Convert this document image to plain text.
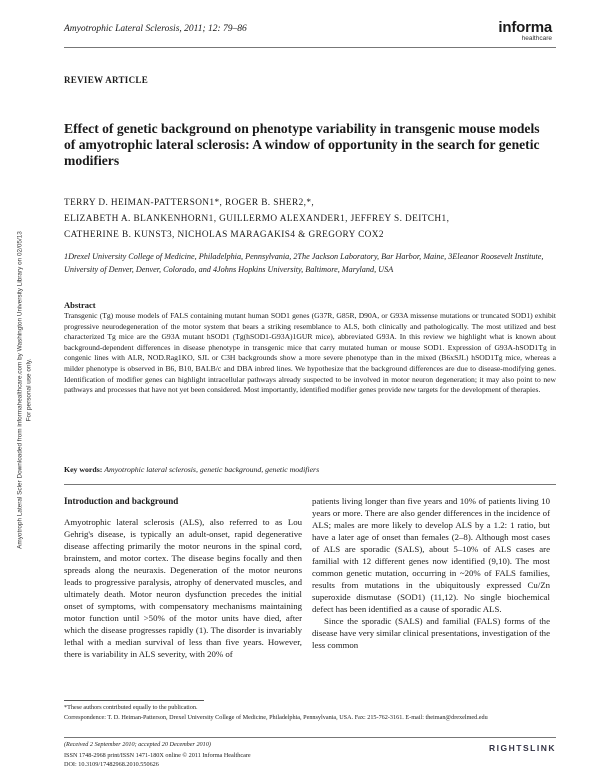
Amyotrophic Lateral Sclerosis, 2011; 12: 79–86	informa
healthcare
REVIEW ARTICLE
Effect of genetic background on phenotype variability in transgenic mouse models of amyotrophic lateral sclerosis: A window of opportunity in the search for genetic modifiers
TERRY D. HEIMAN-PATTERSON1*, ROGER B. SHER2,*,
ELIZABETH A. BLANKENHORN1, GUILLERMO ALEXANDER1, JEFFREY S. DEITCH1,
CATHERINE B. KUNST3, NICHOLAS MARAGAKIS4 & GREGORY COX2
1Drexel University College of Medicine, Philadelphia, Pennsylvania, 2The Jackson Laboratory, Bar Harbor, Maine, 3Eleanor Roosevelt Institute, University of Denver, Denver, Colorado, and 4Johns Hopkins University, Baltimore, Maryland, USA
Abstract

Transgenic (Tg) mouse models of FALS containing mutant human SOD1 genes (G37R, G85R, D90A, or G93A missense mutations or truncated SOD1) exhibit progressive neurodegeneration of the motor system that bears a striking resemblance to ALS, both clinically and pathologically. The most utilized and best characterized Tg mice are the G93A mutant hSOD1 (Tg(hSOD1-G93A)1GUR mice), abbreviated G93A. In this review we highlight what is known about background-dependent differences in disease phenotype in transgenic mice that carry mutated human or mouse SOD1. Expression of G93A-hSOD1Tg in congenic lines with ALR, NOD.Rag1KO, SJL or C3H backgrounds show a more severe phenotype than in the mixed (B6xSJL) hSOD1Tg mice, whereas a milder phenotype is observed in B6, B10, BALB/c and DBA inbred lines. We hypothesize that the background differences are due to disease-modifying genes. Identification of modifier genes can highlight intracellular pathways already suspected to be involved in motor neuron degeneration; it may also point to new pathways and processes that have not yet been considered. Most importantly, identified modifier genes provide new targets for the development of therapies.

Key words: Amyotrophic lateral sclerosis, genetic background, genetic modifiers

Introduction and background

Amyotrophic lateral sclerosis (ALS), also referred to as Lou Gehrig's disease, is typically an adult-onset, rapid degenerative disease affecting primarily the motor neurons in the spinal cord, brainstem, and motor cortex. The disease begins focally and then spreads along the neuraxis. Degeneration of the motor neurons leads to progressive paralysis, atrophy of denervated muscles, and ultimately death. Motor neuron dysfunction precedes the initial onset of symptoms, with compensatory mechanisms maintaining motor function until >50% of the motor units have died, after which the disease progresses rapidly (1). The disorder is invariably lethal with a median survival of less than five years. However, there is variability in ALS severity, with 20% of

patients living longer than five years and 10% of patients living 10 years or more. There are also gender differences in the incidence of ALS; males are more likely to develop ALS by a 1.2: 1 ratio, but have a later age of onset than females (2–8). Although most cases of ALS are sporadic (SALS), about 5–10% of ALS cases are familial with 12 different genes now identified (9,10). The most common genetic mutation, occurring in ~20% of FALS families, results from mutations in the ubiquitously expressed Cu/Zn superoxide dismutase (SOD1) (11,12). No single biochemical defect has been identified as a cause of sporadic ALS.

Since the sporadic (SALS) and familial (FALS) forms of the disease have very similar clinical presentations, investigation of the less common

*These authors contributed equally to the publication.
Correspondence: T. D. Heiman-Patterson, Drexel University College of Medicine, Philadelphia, Pennsylvania, USA. Fax: 215-762-3161. E-mail: theiman@drexelmed.edu
(Received 2 September 2010; accepted 20 December 2010)
ISSN 1748-2968 print/ISSN 1471-180X online © 2011 Informa Healthcare
DOI: 10.3109/17482968.2010.550626
RIGHTSLINK
Amyotroph Lateral Scler Downloaded from informahealthcare.com by Washington University Library on 02/05/13 For personal use only.
